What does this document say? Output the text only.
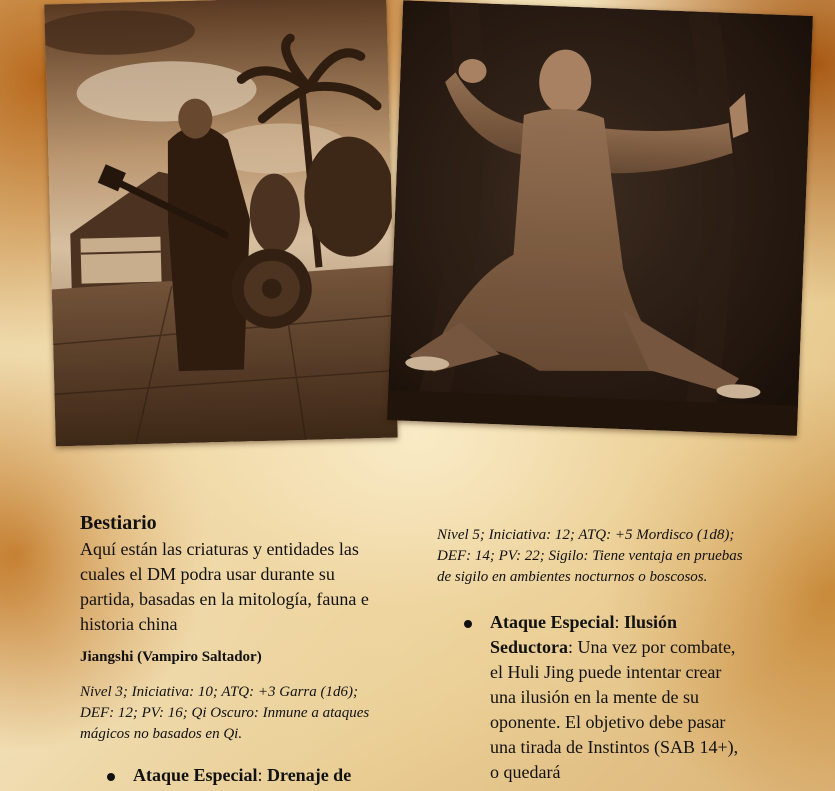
Bestiario

Aquí están las criaturas y entidades las cuales el DM podra usar durante su partida, basadas en la mitología, fauna e historia china

Jiangshi (Vampiro Saltador)

Nivel 3; Iniciativa: 10; ATQ: +3 Garra (1d6); DEF: 12; PV: 16; Qi Oscuro: Inmune a ataques mágicos no basados en Qi.

Ataque Especial: Drenaje de

Nivel 5; Iniciativa: 12; ATQ: +5 Mordisco (1d8); DEF: 14; PV: 22; Sigilo: Tiene ventaja en pruebas de sigilo en ambientes nocturnos o boscosos.

Ataque Especial: Ilusión Seductora: Una vez por combate, el Huli Jing puede intentar crear una ilusión en la mente de su oponente. El objetivo debe pasar una tirada de Instintos (SAB 14+), o quedará
